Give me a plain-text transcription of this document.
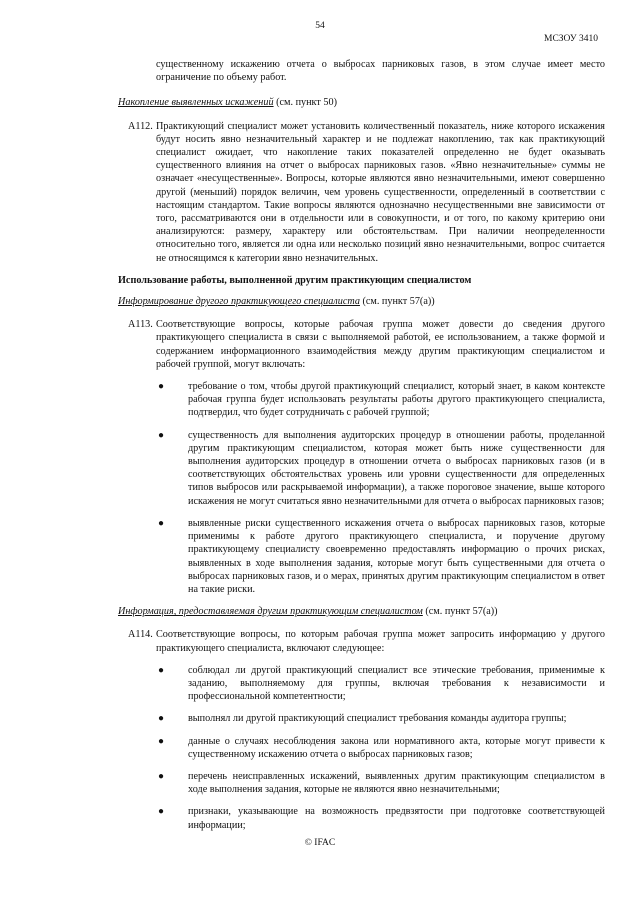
54
МСЗОУ 3410

существенному искажению отчета о выбросах парниковых газов, в этом случае имеет место ограничение по объему работ.

Накопление выявленных искажений (см. пункт 50)

A112. Практикующий специалист может установить количественный показатель, ниже которого искажения будут носить явно незначительный характер и не подлежат накоплению, так как практикующий специалист ожидает, что накопление таких показателей определенно не будет оказывать существенного влияния на отчет о выбросах парниковых газов. «Явно незначительные» суммы не означает «несущественные». Вопросы, которые являются явно незначительными, имеют совершенно другой (меньший) порядок величин, чем уровень существенности, определенный в соответствии с настоящим стандартом. Такие вопросы являются однозначно несущественными вне зависимости от того, рассматриваются они в отдельности или в совокупности, и от того, по какому критерию они анализируются: размеру, характеру или обстоятельствам. При наличии неопределенности относительно того, является ли одна или несколько позиций явно незначительными, вопрос считается не относящимся к категории явно незначительных.

Использование работы, выполненной другим практикующим специалистом

Информирование другого практикующего специалиста (см. пункт 57(a))

A113. Соответствующие вопросы, которые рабочая группа может довести до сведения другого практикующего специалиста в связи с выполняемой работой, ее использованием, а также формой и содержанием информационного взаимодействия между другим практикующим специалистом и рабочей группой, могут включать:

● требование о том, чтобы другой практикующий специалист, который знает, в каком контексте рабочая группа будет использовать результаты работы другого практикующего специалиста, подтвердил, что будет сотрудничать с рабочей группой;
● существенность для выполнения аудиторских процедур в отношении работы, проделанной другим практикующим специалистом, которая может быть ниже существенности для выполнения аудиторских процедур в отношении отчета о выбросах парниковых газов (и в соответствующих обстоятельствах уровень или уровни существенности для определенных типов выбросов или раскрываемой информации), а также пороговое значение, выше которого искажения не могут считаться явно незначительными для отчета о выбросах парниковых газов;
● выявленные риски существенного искажения отчета о выбросах парниковых газов, которые применимы к работе другого практикующего специалиста, и поручение другому практикующему специалисту своевременно предоставлять информацию о прочих рисках, выявленных в ходе выполнения задания, которые могут быть существенными для отчета о выбросах парниковых газов, и о мерах, принятых другим практикующим специалистом в ответ на такие риски.

Информация, предоставляемая другим практикующим специалистом (см. пункт 57(a))

A114. Соответствующие вопросы, по которым рабочая группа может запросить информацию у другого практикующего специалиста, включают следующее:

● соблюдал ли другой практикующий специалист все этические требования, применимые к заданию, выполняемому для группы, включая требования к независимости и профессиональной компетентности;
● выполнял ли другой практикующий специалист требования команды аудитора группы;
● данные о случаях несоблюдения закона или нормативного акта, которые могут привести к существенному искажению отчета о выбросах парниковых газов;
● перечень неисправленных искажений, выявленных другим практикующим специалистом в ходе выполнения задания, которые не являются явно незначительными;
● признаки, указывающие на возможность предвзятости при подготовке соответствующей информации;
© IFAC
